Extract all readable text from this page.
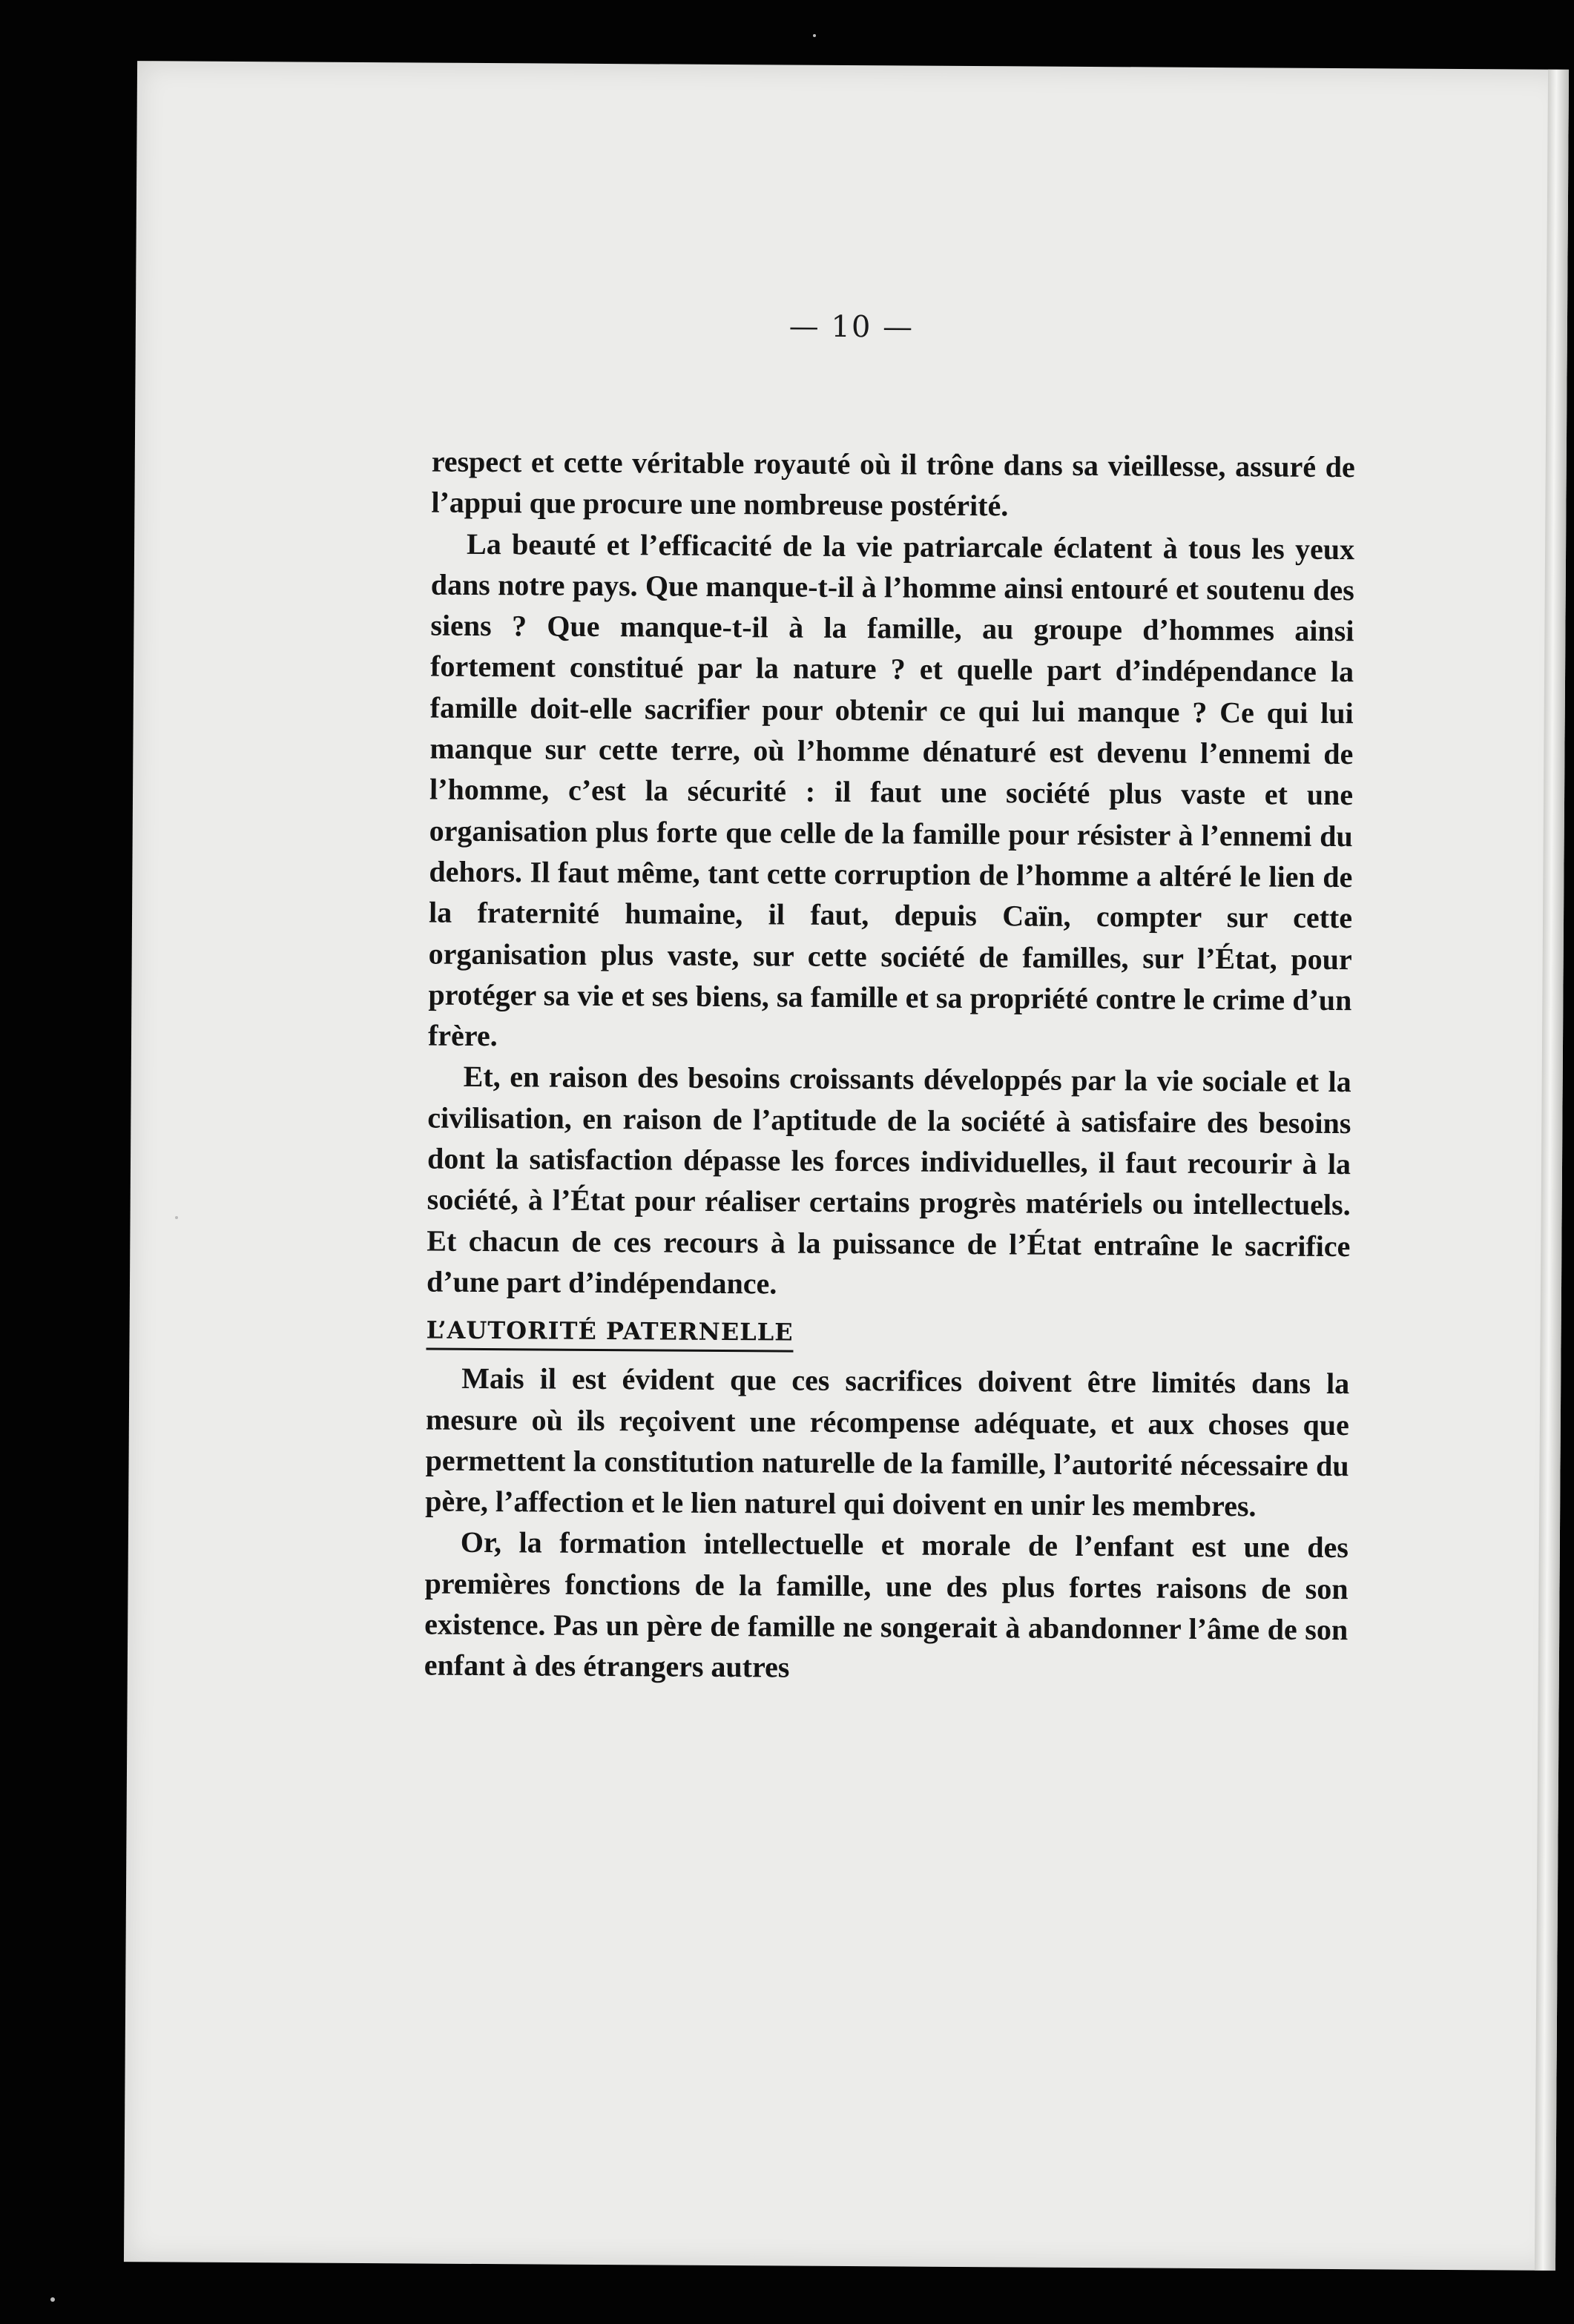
— 10 —

respect et cette véritable royauté où il trône dans sa vieillesse, assuré de l’appui que procure une nombreuse postérité.

La beauté et l’efficacité de la vie patriarcale éclatent à tous les yeux dans notre pays. Que manque-t-il à l’homme ainsi entouré et soutenu des siens ? Que manque-t-il à la famille, au groupe d’hommes ainsi fortement constitué par la nature ? et quelle part d’indépendance la famille doit-elle sacrifier pour obtenir ce qui lui manque ? Ce qui lui manque sur cette terre, où l’homme dénaturé est devenu l’ennemi de l’homme, c’est la sécurité : il faut une société plus vaste et une organisation plus forte que celle de la famille pour résister à l’ennemi du dehors. Il faut même, tant cette corruption de l’homme a altéré le lien de la fraternité humaine, il faut, depuis Caïn, compter sur cette organisation plus vaste, sur cette société de familles, sur l’État, pour protéger sa vie et ses biens, sa famille et sa propriété contre le crime d’un frère.

Et, en raison des besoins croissants développés par la vie sociale et la civilisation, en raison de l’aptitude de la société à satisfaire des besoins dont la satisfaction dépasse les forces individuelles, il faut recourir à la société, à l’État pour réaliser certains progrès matériels ou intellectuels. Et chacun de ces recours à la puissance de l’État entraîne le sacrifice d’une part d’indépendance.

L’AUTORITÉ PATERNELLE

Mais il est évident que ces sacrifices doivent être limités dans la mesure où ils reçoivent une récompense adéquate, et aux choses que permettent la constitution naturelle de la famille, l’autorité nécessaire du père, l’affection et le lien naturel qui doivent en unir les membres.

Or, la formation intellectuelle et morale de l’enfant est une des premières fonctions de la famille, une des plus fortes raisons de son existence. Pas un père de famille ne songerait à abandonner l’âme de son enfant à des étrangers autres
